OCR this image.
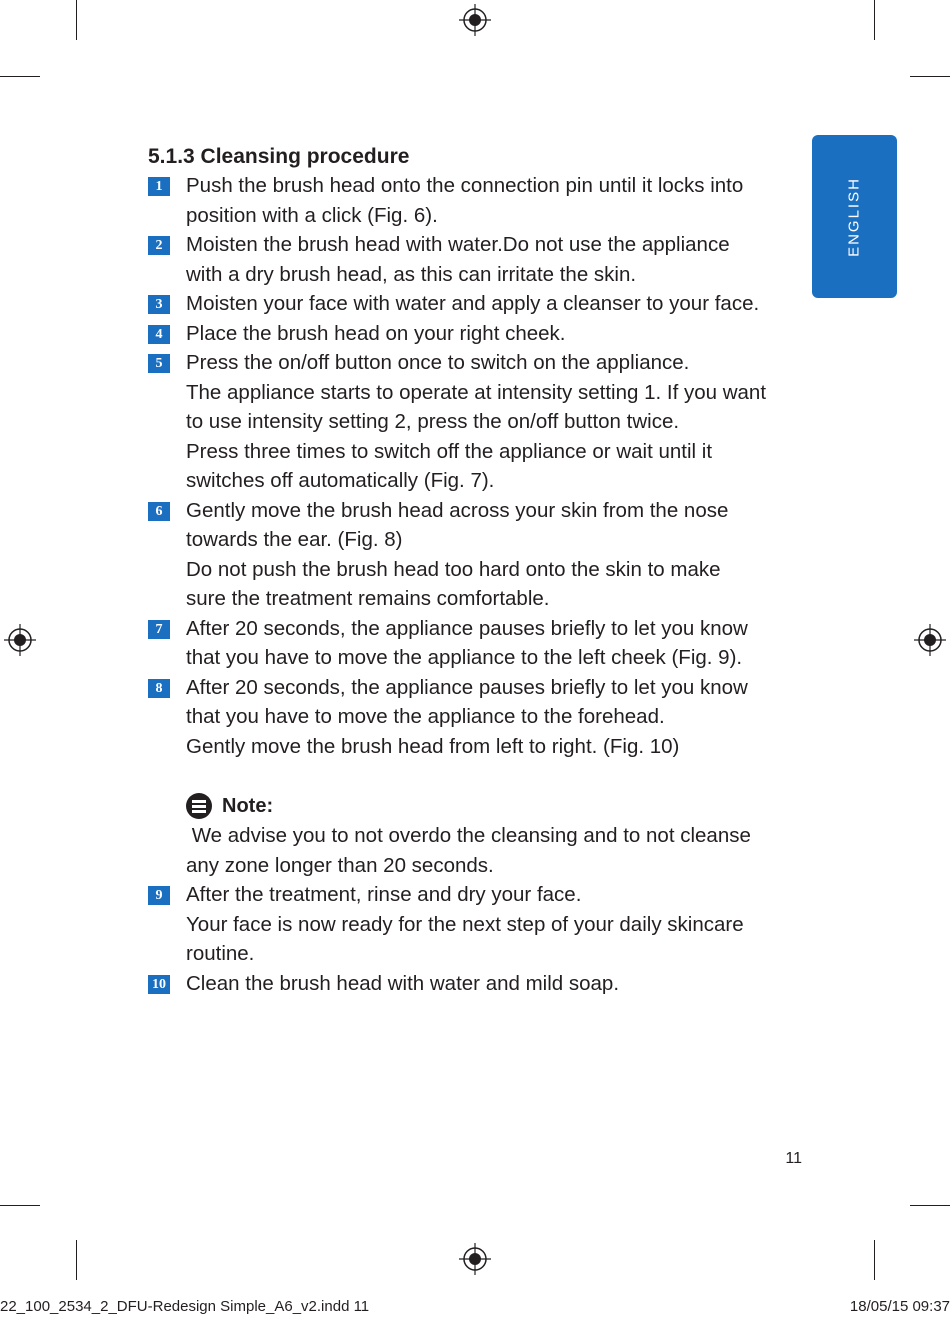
ENGLISH
5.1.3 Cleansing procedure
1	Push the brush head onto the connection pin until it locks into
position with a click (Fig. 6).
2	Moisten the brush head with water.Do not use the appliance
with a dry brush head, as this can irritate the skin.
3	Moisten your face with water and apply a cleanser to your face.
4	Place the brush head on your right cheek.
5	Press the on/off button once to switch on the appliance.
The appliance starts to operate at intensity setting 1. If you want
to use intensity setting 2, press the on/off button twice.
Press three times to switch off the appliance or wait until it
switches off automatically (Fig. 7).
6	Gently move the brush head across your skin from the nose
towards the ear. (Fig. 8)
Do not push the brush head too hard onto the skin to make
sure the treatment remains comfortable.
7	After 20 seconds, the appliance pauses briefly to let you know
that you have to move the appliance to the left cheek (Fig. 9).
8	After 20 seconds, the appliance pauses briefly to let you know
that you have to move the appliance to the forehead.
Gently move the brush head from left to right. (Fig. 10)
Note:
We advise you to not overdo the cleansing and to not cleanse
any zone longer than 20 seconds.
9	After the treatment, rinse and dry your face.
Your face is now ready for the next step of your daily skincare
routine.
10 Clean the brush head with water and mild soap.
11
22_100_2534_2_DFU-Redesign Simple_A6_v2.indd 11	18/05/15 09:37
